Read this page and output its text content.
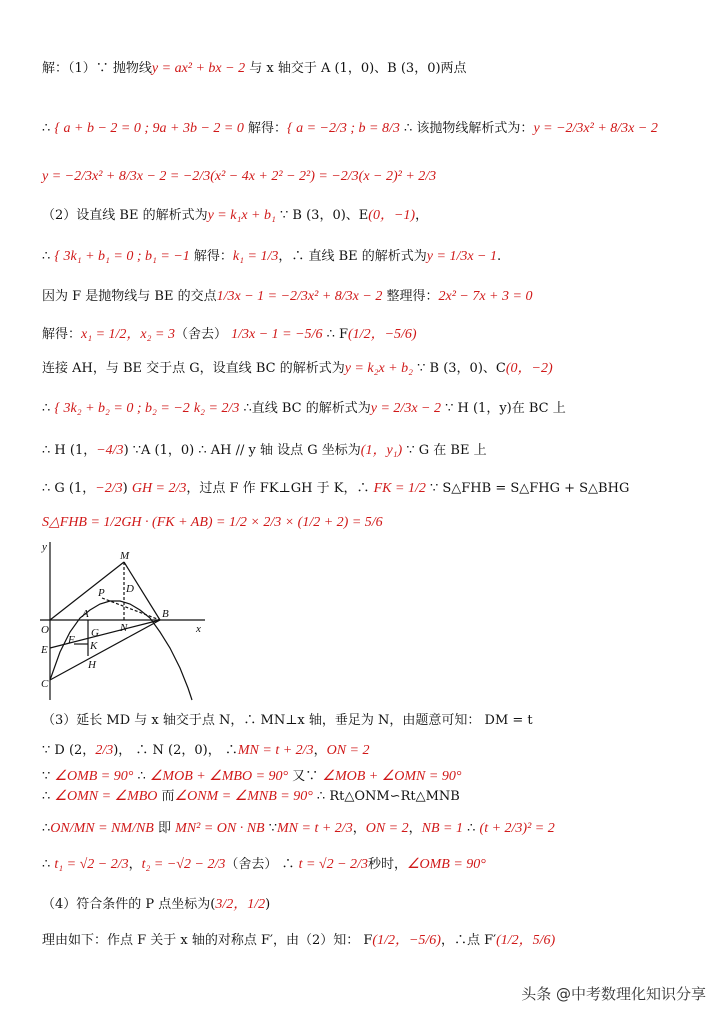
解：（1）∵ 抛物线y = ax² + bx − 2 与 x 轴交于 A (1，0)、B (3，0)两点
∴ { a + b − 2 = 0 ; 9a + 3b − 2 = 0 解得：{ a = −2/3 ; b = 8/3 ∴ 该抛物线解析式为：y = −2/3x² + 8/3x − 2
y = −2/3x² + 8/3x − 2 = −2/3(x² − 4x + 2² − 2²) = −2/3(x − 2)² + 2/3
（2）设直线 BE 的解析式为y = k₁x + b₁ ∵ B (3，0)、E(0，−1)，
∴ { 3k₁ + b₁ = 0 ; b₁ = −1 解得：k₁ = 1/3，∴ 直线 BE 的解析式为y = 1/3x − 1.
因为 F 是抛物线与 BE 的交点1/3x − 1 = −2/3x² + 8/3x − 2 整理得：2x² − 7x + 3 = 0
解得：x₁ = 1/2，x₂ = 3（舍去） 1/3x − 1 = −5/6 ∴ F(1/2，−5/6)
连接 AH，与 BE 交于点 G，设直线 BC 的解析式为y = k₂x + b₂ ∵ B (3，0)、C(0，−2)
∴ { 3k₂ + b₂ = 0 ; b₂ = −2 k₂ = 2/3 ∴直线 BC 的解析式为y = 2/3x − 2 ∵ H (1，y)在 BC 上
∴ H (1，−4/3) ∵A (1，0) ∴ AH // y 轴 设点 G 坐标为(1，y₁) ∵ G 在 BE 上
∴ G (1，−2/3) GH = 2/3，过点 F 作 FK⊥GH 于 K，∴ FK = 1/2 ∵ S△FHB = S△FHG + S△BHG
S△FHB = 1/2GH · (FK + AB) = 1/2 × 2/3 × (1/2 + 2) = 5/6
（3）延长 MD 与 x 轴交于点 N，∴ MN⊥x 轴，垂足为 N，由题意可知： DM = t
∵ D (2，2/3)， ∴ N (2，0)， ∴MN = t + 2/3，ON = 2
∵ ∠OMB = 90° ∴ ∠MOB + ∠MBO = 90° 又∵ ∠MOB + ∠OMN = 90°
∴ ∠OMN = ∠MBO 而∠ONM = ∠MNB = 90° ∴ Rt△ONM∽Rt△MNB
∴ON/MN = NM/NB 即 MN² = ON · NB ∵MN = t + 2/3，ON = 2，NB = 1 ∴ (t + 2/3)² = 2
∴ t₁ = √2 − 2/3，t₂ = −√2 − 2/3（舍去） ∴ t = √2 − 2/3秒时，∠OMB = 90°
（4）符合条件的 P 点坐标为(3/2，1/2)
理由如下：作点 F 关于 x 轴的对称点 F′，由（2）知： F(1/2，−5/6)，∴点 F′(1/2，5/6)
y
x
O
A	B
C
D
E
F
G
H
K
M
N
P
头条 @中考数理化知识分享
